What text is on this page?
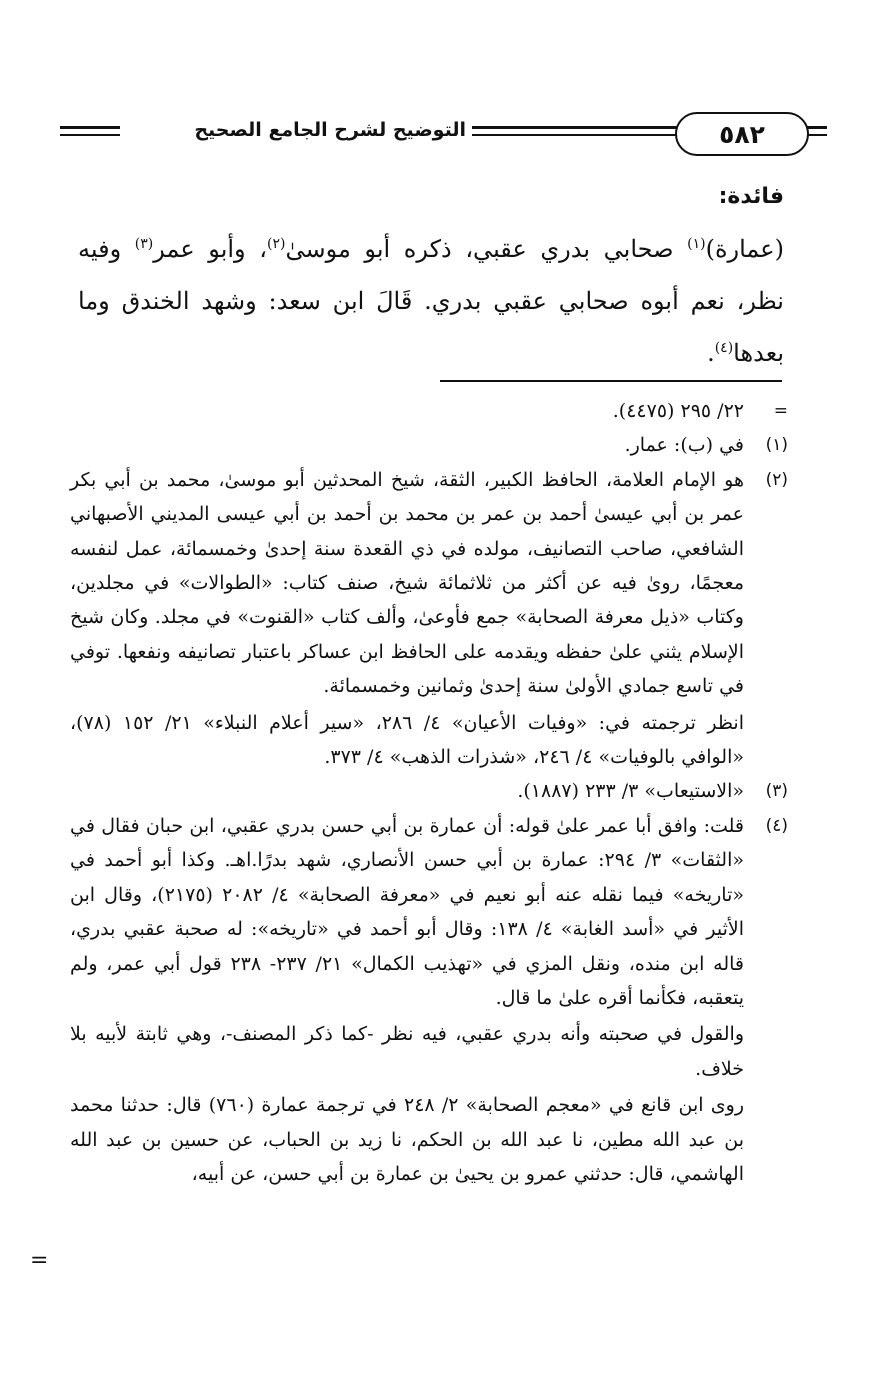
التوضيح لشرح الجامع الصحيح	٥٨٢
فائدة:

(عمارة)$^{(١)}$ صحابي بدري عقبي، ذكره أبو موسىٰ$^{(٢)}$، وأبو عمر$^{(٣)}$ وفيه نظر، نعم أبوه صحابي عقبي بدري. قَالَ ابن سعد: وشهد الخندق وما بعدها$^{(٤)}$.

=

٢٢/ ٢٩٥ (٤٤٧٥).

(١)

في (ب): عمار.

(٢)

هو الإمام العلامة، الحافظ الكبير، الثقة، شيخ المحدثين أبو موسىٰ، محمد بن أبي بكر عمر بن أبي عيسىٰ أحمد بن عمر بن محمد بن أحمد بن أبي عيسى المديني الأصبهاني الشافعي، صاحب التصانيف، مولده في ذي القعدة سنة إحدىٰ وخمسمائة، عمل لنفسه معجمًا، روىٰ فيه عن أكثر من ثلاثمائة شيخ، صنف كتاب: «الطوالات» في مجلدين، وكتاب «ذيل معرفة الصحابة» جمع فأوعىٰ، وألف كتاب «القنوت» في مجلد. وكان شيخ الإسلام يثني علىٰ حفظه ويقدمه على الحافظ ابن عساكر باعتبار تصانيفه ونفعها. توفي في تاسع جمادي الأولىٰ سنة إحدىٰ وثمانين وخمسمائة.

انظر ترجمته في: «وفيات الأعيان» ٤/ ٢٨٦، «سير أعلام النبلاء» ٢١/ ١٥٢ (٧٨)، «الوافي بالوفيات» ٤/ ٢٤٦، «شذرات الذهب» ٤/ ٣٧٣.

(٣)

«الاستيعاب» ٣/ ٢٣٣ (١٨٨٧).

(٤)

قلت: وافق أبا عمر علىٰ قوله: أن عمارة بن أبي حسن بدري عقبي، ابن حبان فقال في «الثقات» ٣/ ٢٩٤: عمارة بن أبي حسن الأنصاري، شهد بدرًا.اهـ. وكذا أبو أحمد في «تاريخه» فيما نقله عنه أبو نعيم في «معرفة الصحابة» ٤/ ٢٠٨٢ (٢١٧٥)، وقال ابن الأثير في «أسد الغابة» ٤/ ١٣٨: وقال أبو أحمد في «تاريخه»: له صحبة عقبي بدري، قاله ابن منده، ونقل المزي في «تهذيب الكمال» ٢١/ ٢٣٧- ٢٣٨ قول أبي عمر، ولم يتعقبه، فكأنما أقره علىٰ ما قال.

والقول في صحبته وأنه بدري عقبي، فيه نظر -كما ذكر المصنف-، وهي ثابتة لأبيه بلا خلاف.

روى ابن قانع في «معجم الصحابة» ٢/ ٢٤٨ في ترجمة عمارة (٧٦٠) قال: حدثنا محمد بن عبد الله مطين، نا عبد الله بن الحكم، نا زيد بن الحباب، عن حسين بن عبد الله الهاشمي، قال: حدثني عمرو بن يحيىٰ بن عمارة بن أبي حسن، عن أبيه،

=
